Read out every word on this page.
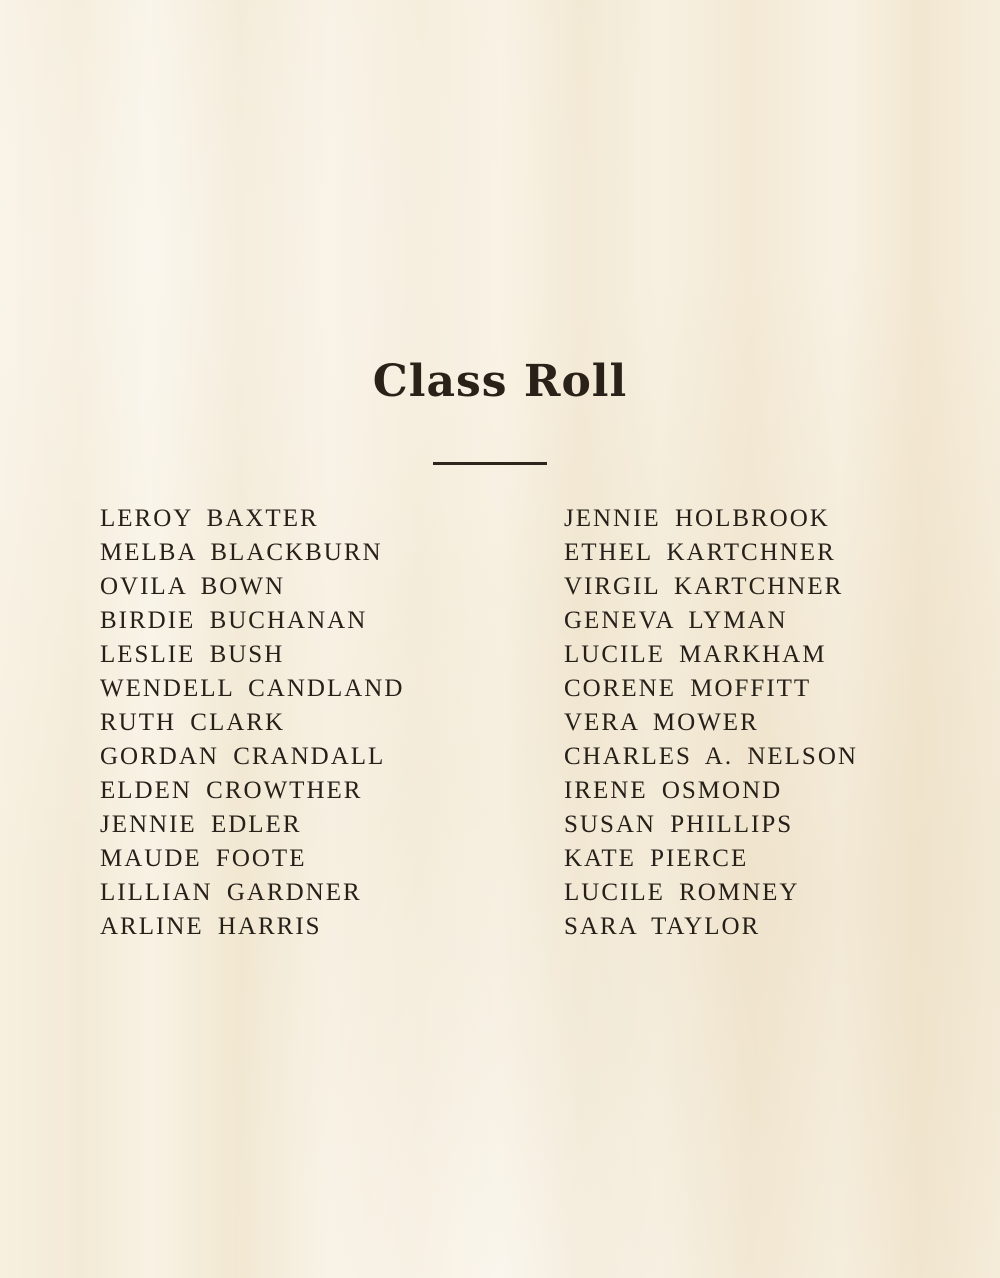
Class Roll
LEROY BAXTER
MELBA BLACKBURN
OVILA BOWN
BIRDIE BUCHANAN
LESLIE BUSH
WENDELL CANDLAND
RUTH CLARK
GORDAN CRANDALL
ELDEN CROWTHER
JENNIE EDLER
MAUDE FOOTE
LILLIAN GARDNER
ARLINE HARRIS
JENNIE HOLBROOK
ETHEL KARTCHNER
VIRGIL KARTCHNER
GENEVA LYMAN
LUCILE MARKHAM
CORENE MOFFITT
VERA MOWER
CHARLES A. NELSON
IRENE OSMOND
SUSAN PHILLIPS
KATE PIERCE
LUCILE ROMNEY
SARA TAYLOR
